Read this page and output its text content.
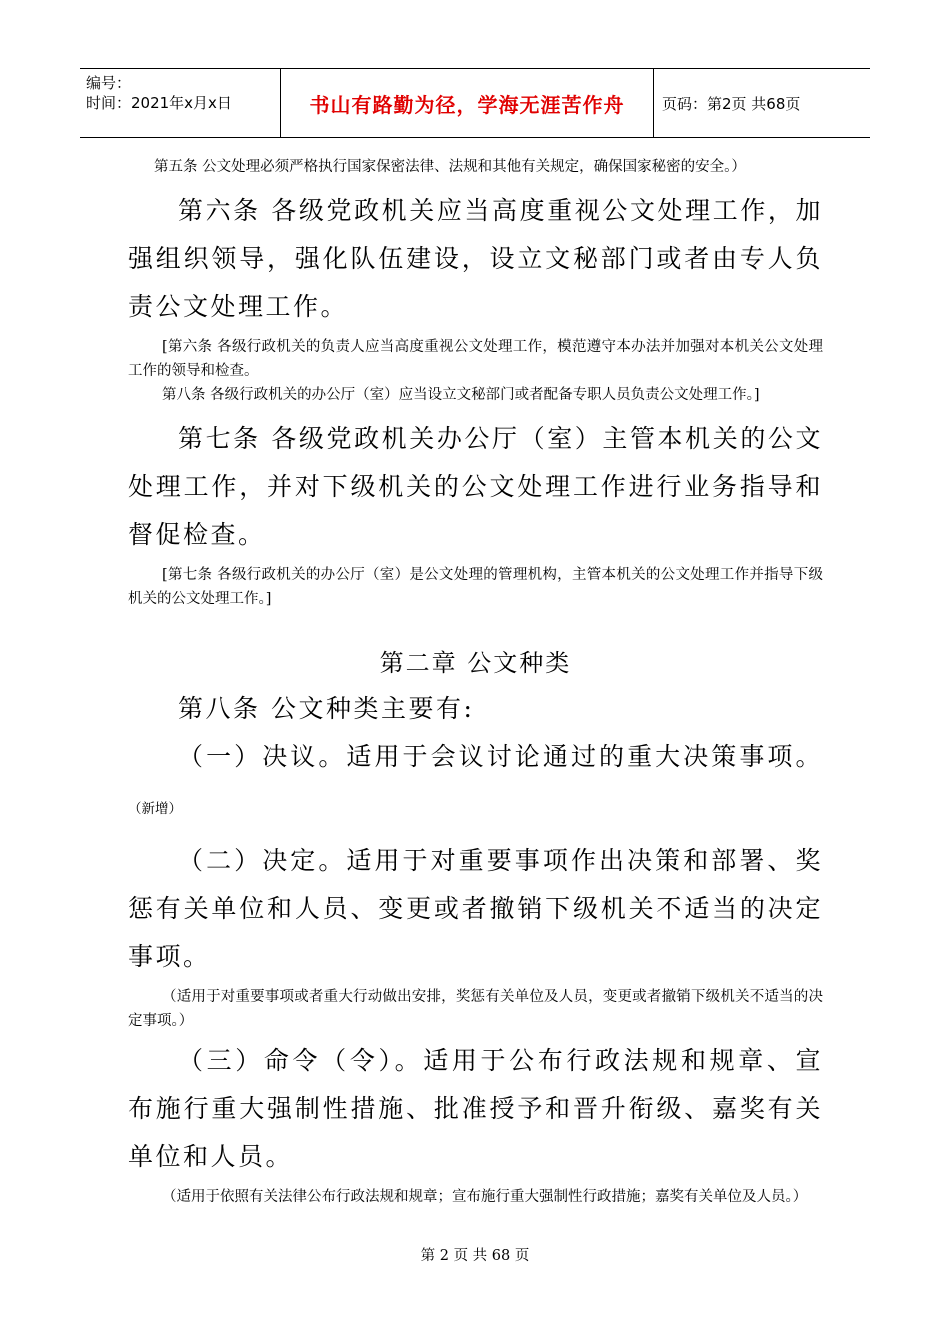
编号：
时间：2021年x月x日	书山有路勤为径，学海无涯苦作舟	页码：第2页 共68页

第五条 公文处理必须严格执行国家保密法律、法规和其他有关规定，确保国家秘密的安全。）

第六条 各级党政机关应当高度重视公文处理工作，加强组织领导，强化队伍建设，设立文秘部门或者由专人负责公文处理工作。

[第六条 各级行政机关的负责人应当高度重视公文处理工作，模范遵守本办法并加强对本机关公文处理工作的领导和检查。

第八条 各级行政机关的办公厅（室）应当设立文秘部门或者配备专职人员负责公文处理工作。]

第七条 各级党政机关办公厅（室）主管本机关的公文处理工作，并对下级机关的公文处理工作进行业务指导和督促检查。

[第七条 各级行政机关的办公厅（室）是公文处理的管理机构，主管本机关的公文处理工作并指导下级机关的公文处理工作。]

第二章 公文种类

第八条 公文种类主要有:

（一）决议。适用于会议讨论通过的重大决策事项。（新增）

（二）决定。适用于对重要事项作出决策和部署、奖惩有关单位和人员、变更或者撤销下级机关不适当的决定事项。

（适用于对重要事项或者重大行动做出安排，奖惩有关单位及人员，变更或者撤销下级机关不适当的决定事项。）

（三）命令（令）。适用于公布行政法规和规章、宣布施行重大强制性措施、批准授予和晋升衔级、嘉奖有关单位和人员。

（适用于依照有关法律公布行政法规和规章；宣布施行重大强制性行政措施；嘉奖有关单位及人员。）

第 2 页 共 68 页
